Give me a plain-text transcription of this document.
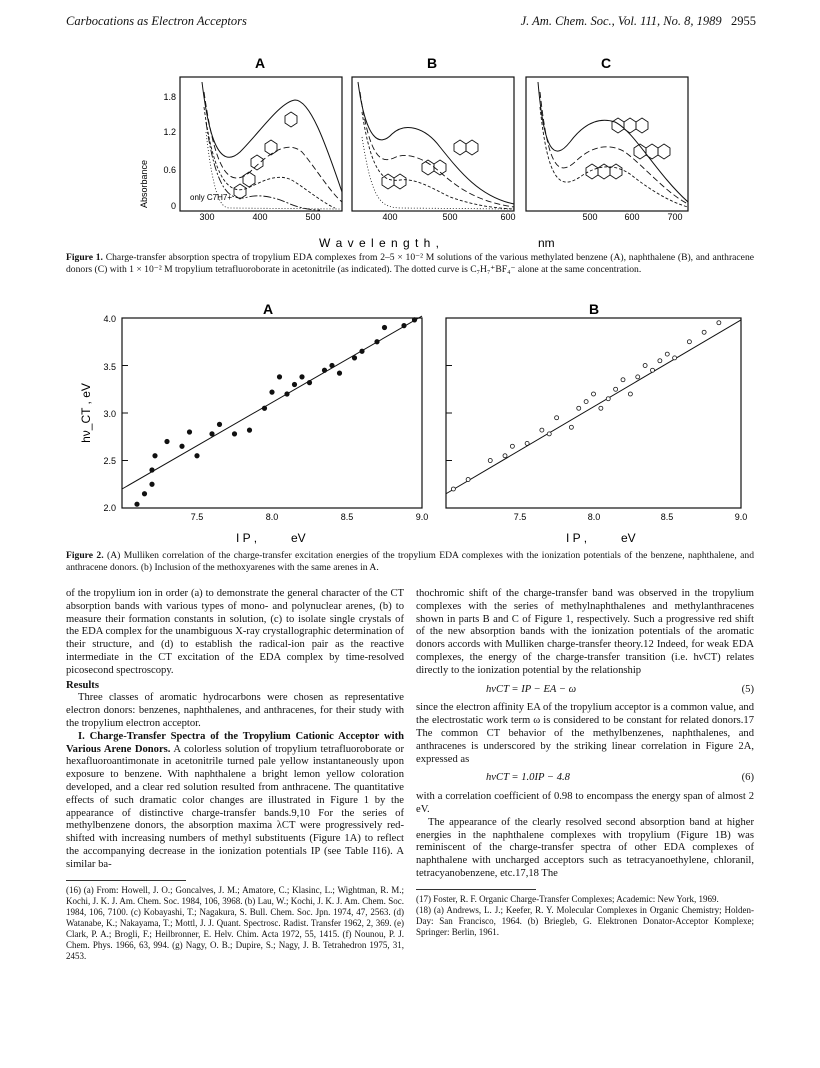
Carbocations as Electron Acceptors	J. Am. Chem. Soc., Vol. 111, No. 8, 1989 2955
A	B	C
Absorbance
1.8
1.2
0.6
0
only C7H7+
300	400	500	400	500	600	500	600	700
W a v e l e n g t h ,	nm
Figure 1. Charge-transfer absorption spectra of tropylium EDA complexes from 2–5 × 10⁻² M solutions of the various methylated benzene (A), naphthalene (B), and anthracene donors (C) with 1 × 10⁻² M tropylium tetrafluoroborate in acetonitrile (as indicated). The dotted curve is C₇H₇⁺BF₄⁻ alone at the same concentration.
A	B
4.0
3.5
3.0
2.5
2.0
hν_CT , eV
7.5	8.0	8.5	9.0	7.5	8.0	8.5	9.0
I P ,	eV	I P ,	eV
Figure 2. (A) Mulliken correlation of the charge-transfer excitation energies of the tropylium EDA complexes with the ionization potentials of the benzene, naphthalene, and anthracene donors. (b) Inclusion of the methoxyarenes with the same arenes in A.

of the tropylium ion in order (a) to demonstrate the general character of the CT absorption bands with various types of mono- and polynuclear arenes, (b) to measure their formation constants in solution, (c) to isolate single crystals of the EDA complex for the unambiguous X-ray crystallographic determination of their structure, and (d) to establish the radical-ion pair as the reactive intermediate in the CT excitation of the EDA complex by time-resolved picosecond spectroscopy.

Results

Three classes of aromatic hydrocarbons were chosen as representative electron donors: benzenes, naphthalenes, and anthracenes, for their study with the tropylium electron acceptor.

I. Charge-Transfer Spectra of the Tropylium Cationic Acceptor with Various Arene Donors. A colorless solution of tropylium tetrafluoroborate or hexafluoroantimonate in acetonitrile turned pale yellow instantaneously upon exposure to benzene. With naphthalene a bright lemon yellow coloration developed, and a clear red solution resulted from anthracene. The quantitative effects of such dramatic color changes are illustrated in Figure 1 by the appearance of distinctive charge-transfer bands.9,10 For the series of methylbenzene donors, the absorption maxima λCT were progressively red-shifted with increasing numbers of methyl substituents (Figure 1A) to reflect the accompanying decrease in the ionization potentials IP (see Table I16). A similar ba-

(16) (a) From: Howell, J. O.; Goncalves, J. M.; Amatore, C.; Klasinc, L.; Wightman, R. M.; Kochi, J. K. J. Am. Chem. Soc. 1984, 106, 3968. (b) Lau, W.; Kochi, J. K. J. Am. Chem. Soc. 1984, 106, 7100. (c) Kobayashi, T.; Nagakura, S. Bull. Chem. Soc. Jpn. 1974, 47, 2563. (d) Watanabe, K.; Nakayama, T.; Mottl, J. J. Quant. Spectrosc. Radist. Transfer 1962, 2, 369. (e) Clark, P. A.; Brogli, F.; Heilbronner, E. Helv. Chim. Acta 1972, 55, 1415. (f) Nounou, P. J. Chem. Phys. 1966, 63, 994. (g) Nagy, O. B.; Dupire, S.; Nagy, J. B. Tetrahedron 1975, 31, 2453.

thochromic shift of the charge-transfer band was observed in the tropylium complexes with the series of methylnaphthalenes and methylanthracenes shown in parts B and C of Figure 1, respectively. Such a progressive red shift of the new absorption bands with the ionization potentials of the aromatic donors accords with Mulliken charge-transfer theory.12 Indeed, for weak EDA complexes, the energy of the charge-transfer transition (i.e. hνCT) relates directly to the ionization potential by the relationship

hνCT = IP − EA − ω	(5)

since the electron affinity EA of the tropylium acceptor is a common value, and the electrostatic work term ω is considered to be constant for related donors.17 The common CT behavior of the methylbenzenes, naphthalenes, and anthracenes is underscored by the striking linear correlation in Figure 2A, expressed as

hνCT = 1.0IP − 4.8	(6)

with a correlation coefficient of 0.98 to encompass the energy span of almost 2 eV.

The appearance of the clearly resolved second absorption band at higher energies in the naphthalene complexes with tropylium (Figure 1B) was reminiscent of the charge-transfer spectra of other EDA complexes of naphthalene with uncharged acceptors such as tetracyanoethylene, chloranil, tetracyanobenzene, etc.17,18 The

(17) Foster, R. F. Organic Charge-Transfer Complexes; Academic: New York, 1969.
(18) (a) Andrews, L. J.; Keefer, R. Y. Molecular Complexes in Organic Chemistry; Holden-Day: San Francisco, 1964. (b) Briegleb, G. Elektronen Donator-Acceptor Komplexe; Springer: Berlin, 1961.
